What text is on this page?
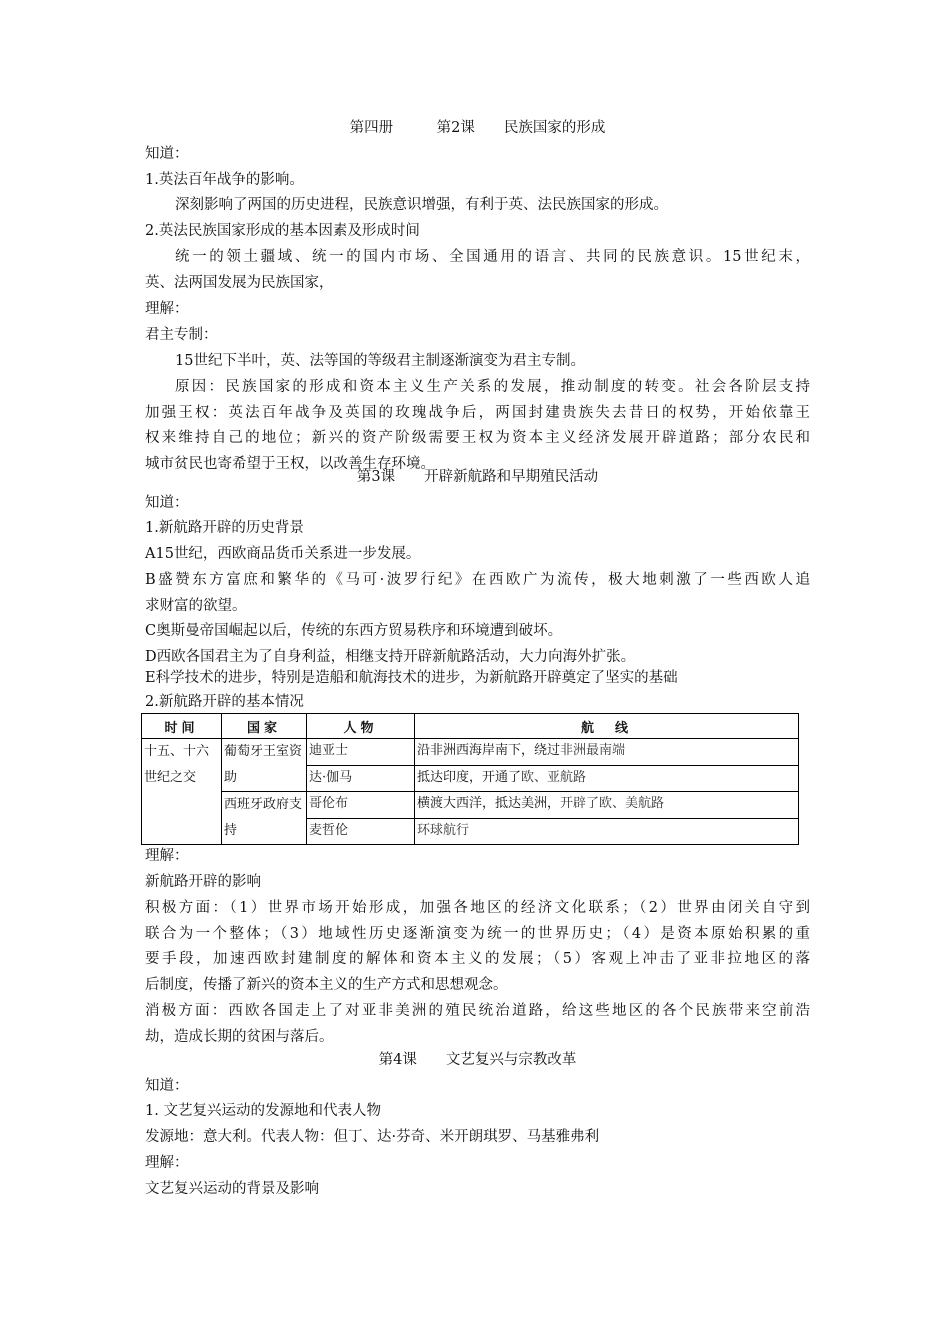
第四册　　　第2课　　民族国家的形成
知道：
1.英法百年战争的影响。
深刻影响了两国的历史进程，民族意识增强，有利于英、法民族国家的形成。
2.英法民族国家形成的基本因素及形成时间
统一的领土疆域、统一的国内市场、全国通用的语言、共同的民族意识。15世纪末，
英、法两国发展为民族国家，
理解：
君主专制：
15世纪下半叶，英、法等国的等级君主制逐渐演变为君主专制。
原因：民族国家的形成和资本主义生产关系的发展，推动制度的转变。社会各阶层支持
加强王权：英法百年战争及英国的玫瑰战争后，两国封建贵族失去昔日的权势，开始依靠王
权来维持自己的地位；新兴的资产阶级需要王权为资本主义经济发展开辟道路；部分农民和
城市贫民也寄希望于王权，以改善生存环境。
第3课　　开辟新航路和早期殖民活动
知道：
1.新航路开辟的历史背景
A15世纪，西欧商品货币关系进一步发展。
B盛赞东方富庶和繁华的《马可·波罗行纪》在西欧广为流传，极大地刺激了一些西欧人追
求财富的欲望。
C奥斯曼帝国崛起以后，传统的东西方贸易秩序和环境遭到破坏。
D西欧各国君主为了自身利益，相继支持开辟新航路活动，大力向海外扩张。
E科学技术的进步，特别是造船和航海技术的进步，为新航路开辟奠定了坚实的基础
2.新航路开辟的基本情况
时间	国家	人物	航　线
十五、十六世纪之交	葡萄牙王室资助	迪亚士	沿非洲西海岸南下，绕过非洲最南端
		达·伽马	抵达印度，开通了欧、亚航路
	西班牙政府支持	哥伦布	横渡大西洋，抵达美洲，开辟了欧、美航路
		麦哲伦	环球航行
理解：
新航路开辟的影响
积极方面：（1）世界市场开始形成，加强各地区的经济文化联系；（2）世界由闭关自守到
联合为一个整体；（3）地域性历史逐渐演变为统一的世界历史；（4）是资本原始积累的重
要手段，加速西欧封建制度的解体和资本主义的发展；（5）客观上冲击了亚非拉地区的落
后制度，传播了新兴的资本主义的生产方式和思想观念。
消极方面：西欧各国走上了对亚非美洲的殖民统治道路，给这些地区的各个民族带来空前浩
劫，造成长期的贫困与落后。
第4课　　文艺复兴与宗教改革
知道：
1. 文艺复兴运动的发源地和代表人物
发源地：意大利。代表人物：但丁、达·芬奇、米开朗琪罗、马基雅弗利
理解：
文艺复兴运动的背景及影响
